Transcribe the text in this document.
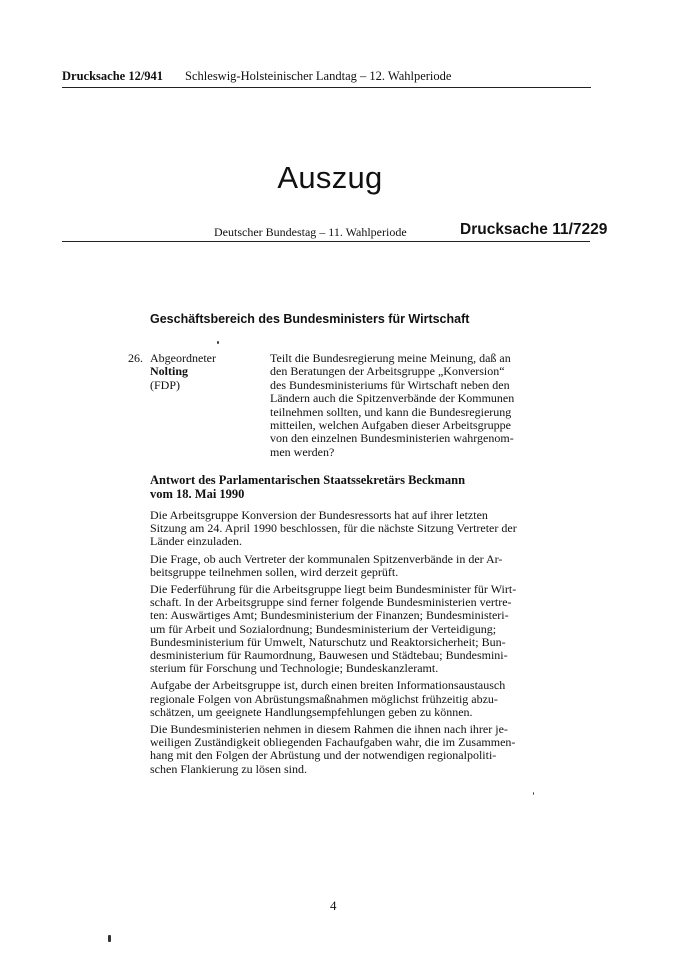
Drucksache 12/941 Schleswig-Holsteinischer Landtag – 12. Wahlperiode
Auszug
Deutscher Bundestag – 11. Wahlperiode	Drucksache 11/7229
Geschäftsbereich des Bundesministers für Wirtschaft
26. Abgeordneter
Nolting
(FDP)
Teilt die Bundesregierung meine Meinung, daß an
den Beratungen der Arbeitsgruppe „Konversion“
des Bundesministeriums für Wirtschaft neben den
Ländern auch die Spitzenverbände der Kommunen
teilnehmen sollten, und kann die Bundesregierung
mitteilen, welchen Aufgaben dieser Arbeitsgruppe
von den einzelnen Bundesministerien wahrgenom-
men werden?
Antwort des Parlamentarischen Staatssekretärs Beckmann
vom 18. Mai 1990
Die Arbeitsgruppe Konversion der Bundesressorts hat auf ihrer letzten
Sitzung am 24. April 1990 beschlossen, für die nächste Sitzung Vertreter der
Länder einzuladen.
Die Frage, ob auch Vertreter der kommunalen Spitzenverbände in der Ar-
beitsgruppe teilnehmen sollen, wird derzeit geprüft.
Die Federführung für die Arbeitsgruppe liegt beim Bundesminister für Wirt-
schaft. In der Arbeitsgruppe sind ferner folgende Bundesministerien vertre-
ten: Auswärtiges Amt; Bundesministerium der Finanzen; Bundesministeri-
um für Arbeit und Sozialordnung; Bundesministerium der Verteidigung;
Bundesministerium für Umwelt, Naturschutz und Reaktorsicherheit; Bun-
desministerium für Raumordnung, Bauwesen und Städtebau; Bundesmini-
sterium für Forschung und Technologie; Bundeskanzleramt.
Aufgabe der Arbeitsgruppe ist, durch einen breiten Informationsaustausch
regionale Folgen von Abrüstungsmaßnahmen möglichst frühzeitig abzu-
schätzen, um geeignete Handlungsempfehlungen geben zu können.
Die Bundesministerien nehmen in diesem Rahmen die ihnen nach ihrer je-
weiligen Zuständigkeit obliegenden Fachaufgaben wahr, die im Zusammen-
hang mit den Folgen der Abrüstung und der notwendigen regionalpoliti-
schen Flankierung zu lösen sind.
4
